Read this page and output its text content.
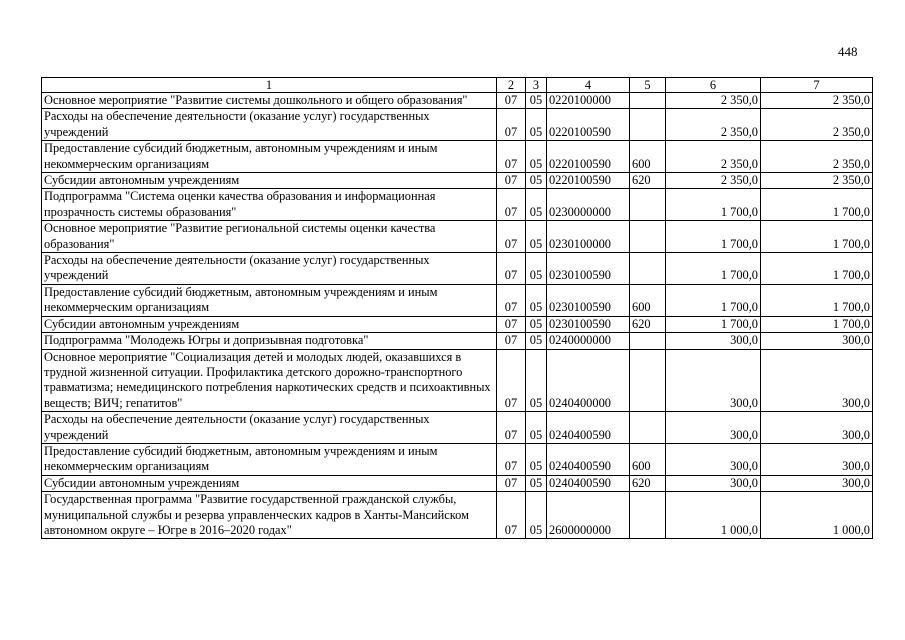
448
1	2	3	4	5	6	7
Основное мероприятие "Развитие системы дошкольного и общего образования"	07	05	0220100000		2 350,0	2 350,0
Расходы на обеспечение деятельности (оказание услуг) государственных учреждений	07	05	0220100590		2 350,0	2 350,0
Предоставление субсидий бюджетным, автономным учреждениям и иным некоммерческим организациям	07	05	0220100590	600	2 350,0	2 350,0
Субсидии автономным учреждениям	07	05	0220100590	620	2 350,0	2 350,0
Подпрограмма "Система оценки качества образования и информационная прозрачность системы образования"	07	05	0230000000		1 700,0	1 700,0
Основное мероприятие "Развитие региональной системы оценки качества образования"	07	05	0230100000		1 700,0	1 700,0
Расходы на обеспечение деятельности (оказание услуг) государственных учреждений	07	05	0230100590		1 700,0	1 700,0
Предоставление субсидий бюджетным, автономным учреждениям и иным некоммерческим организациям	07	05	0230100590	600	1 700,0	1 700,0
Субсидии автономным учреждениям	07	05	0230100590	620	1 700,0	1 700,0
Подпрограмма "Молодежь Югры и допризывная подготовка"	07	05	0240000000		300,0	300,0
Основное мероприятие "Социализация детей и молодых людей, оказавшихся в трудной жизненной ситуации. Профилактика детского дорожно-транспортного травматизма; немедицинского потребления наркотических средств и психоактивных веществ; ВИЧ; гепатитов"	07	05	0240400000		300,0	300,0
Расходы на обеспечение деятельности (оказание услуг) государственных учреждений	07	05	0240400590		300,0	300,0
Предоставление субсидий бюджетным, автономным учреждениям и иным некоммерческим организациям	07	05	0240400590	600	300,0	300,0
Субсидии автономным учреждениям	07	05	0240400590	620	300,0	300,0
Государственная программа "Развитие государственной гражданской службы, муниципальной службы и резерва управленческих кадров в Ханты-Мансийском автономном округе – Югре в 2016–2020 годах"	07	05	2600000000		1 000,0	1 000,0
